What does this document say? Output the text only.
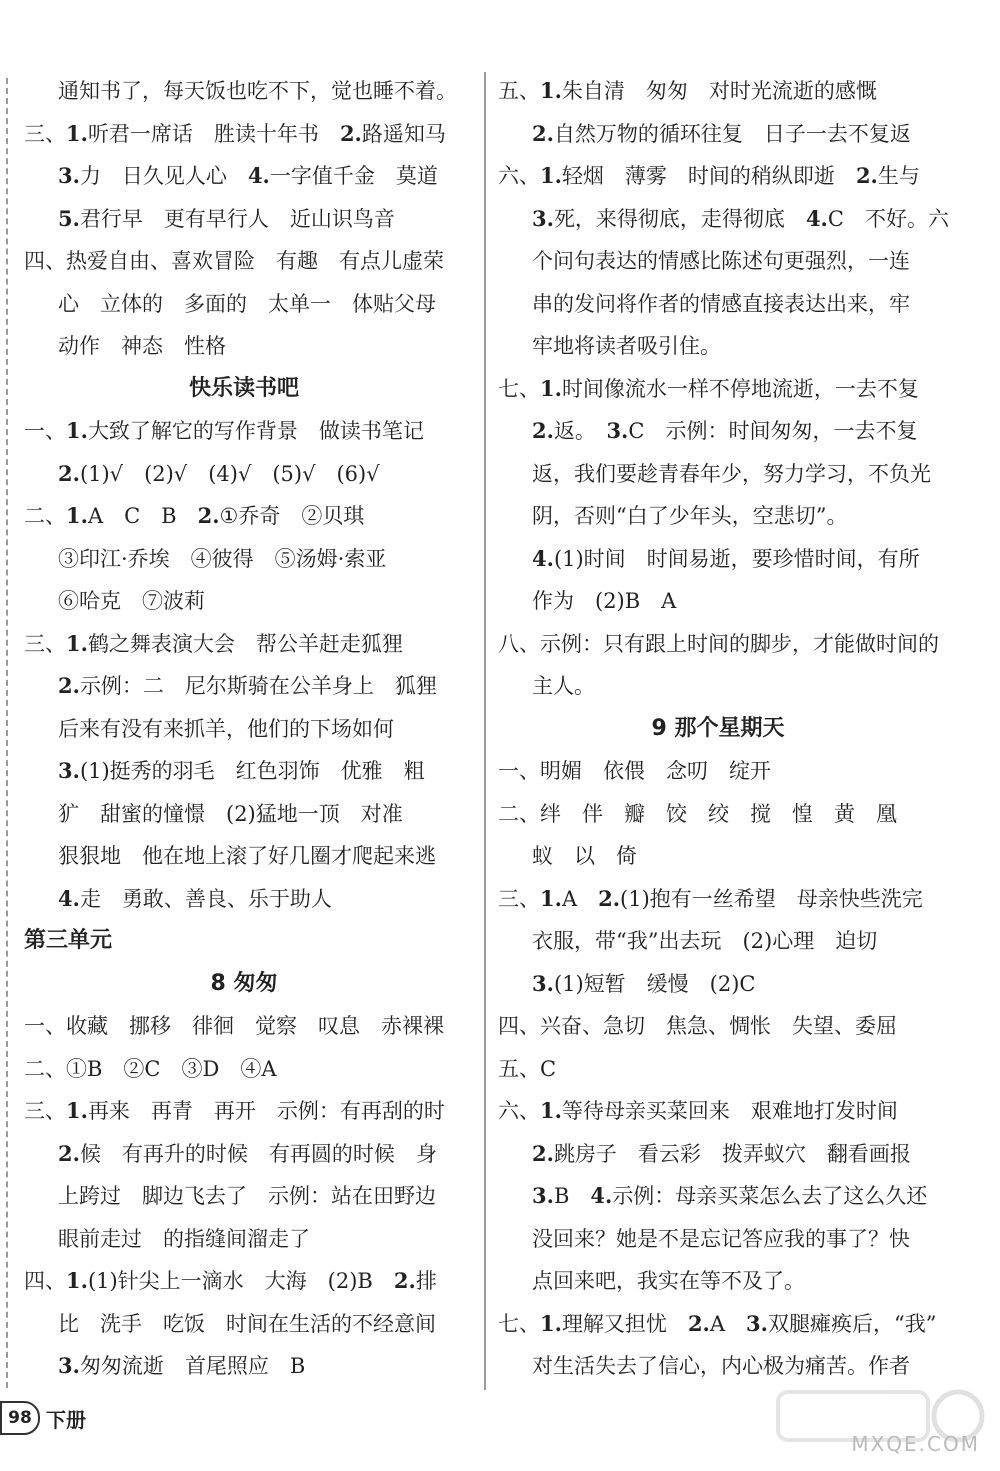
通知书了，每天饭也吃不下，觉也睡不着。
三、1.听君一席话　胜读十年书　2.路遥知马
3.力　日久见人心　4.一字值千金　莫道
5.君行早　更有早行人　近山识鸟音
四、热爱自由、喜欢冒险　有趣　有点儿虚荣
心　立体的　多面的　太单一　体贴父母
动作　神态　性格
快乐读书吧
一、1.大致了解它的写作背景　做读书笔记
2.(1)√　(2)√　(4)√　(5)√　(6)√
二、1.A　C　B　2.①乔奇　②贝琪
③印江·乔埃　④彼得　⑤汤姆·索亚
⑥哈克　⑦波莉
三、1.鹤之舞表演大会　帮公羊赶走狐狸
2.示例：二　尼尔斯骑在公羊身上　狐狸
后来有没有来抓羊，他们的下场如何
3.(1)挺秀的羽毛　红色羽饰　优雅　粗
犷　甜蜜的憧憬　(2)猛地一顶　对准
狠狠地　他在地上滚了好几圈才爬起来逃
4.走　勇敢、善良、乐于助人
第三单元
8 匆匆
一、收藏　挪移　徘徊　觉察　叹息　赤裸裸
二、①B　②C　③D　④A
三、1.再来　再青　再开　示例：有再刮的时
2.候　有再升的时候　有再圆的时候　身
上跨过　脚边飞去了　示例：站在田野边
眼前走过　的指缝间溜走了
四、1.(1)针尖上一滴水　大海　(2)B　2.排
比　洗手　吃饭　时间在生活的不经意间
3.匆匆流逝　首尾照应　B
五、1.朱自清　匆匆　对时光流逝的感慨
2.自然万物的循环往复　日子一去不复返
六、1.轻烟　薄雾　时间的稍纵即逝　2.生与
3.死，来得彻底，走得彻底　4.C　不好。六
个问句表达的情感比陈述句更强烈，一连
串的发问将作者的情感直接表达出来，牢
牢地将读者吸引住。
七、1.时间像流水一样不停地流逝，一去不复
2.返。　3.C　示例：时间匆匆，一去不复
返，我们要趁青春年少，努力学习，不负光
阴，否则“白了少年头，空悲切”。
4.(1)时间　时间易逝，要珍惜时间，有所
作为　(2)B　A
八、示例：只有跟上时间的脚步，才能做时间的
主人。
9 那个星期天
一、明媚　依偎　念叨　绽开
二、绊　伴　瓣　饺　绞　搅　惶　黄　凰
蚁　以　倚
三、1.A　2.(1)抱有一丝希望　母亲快些洗完
衣服，带“我”出去玩　(2)心理　迫切
3.(1)短暂　缓慢　(2)C
四、兴奋、急切　焦急、惆怅　失望、委屈
五、C
六、1.等待母亲买菜回来　艰难地打发时间
2.跳房子　看云彩　拨弄蚁穴　翻看画报
3.B　4.示例：母亲买菜怎么去了这么久还
没回来？她是不是忘记答应我的事了？快
点回来吧，我实在等不及了。
七、1.理解又担忧　2.A　3.双腿瘫痪后，“我”
对生活失去了信心，内心极为痛苦。作者
98 下册
MXQE.COM
